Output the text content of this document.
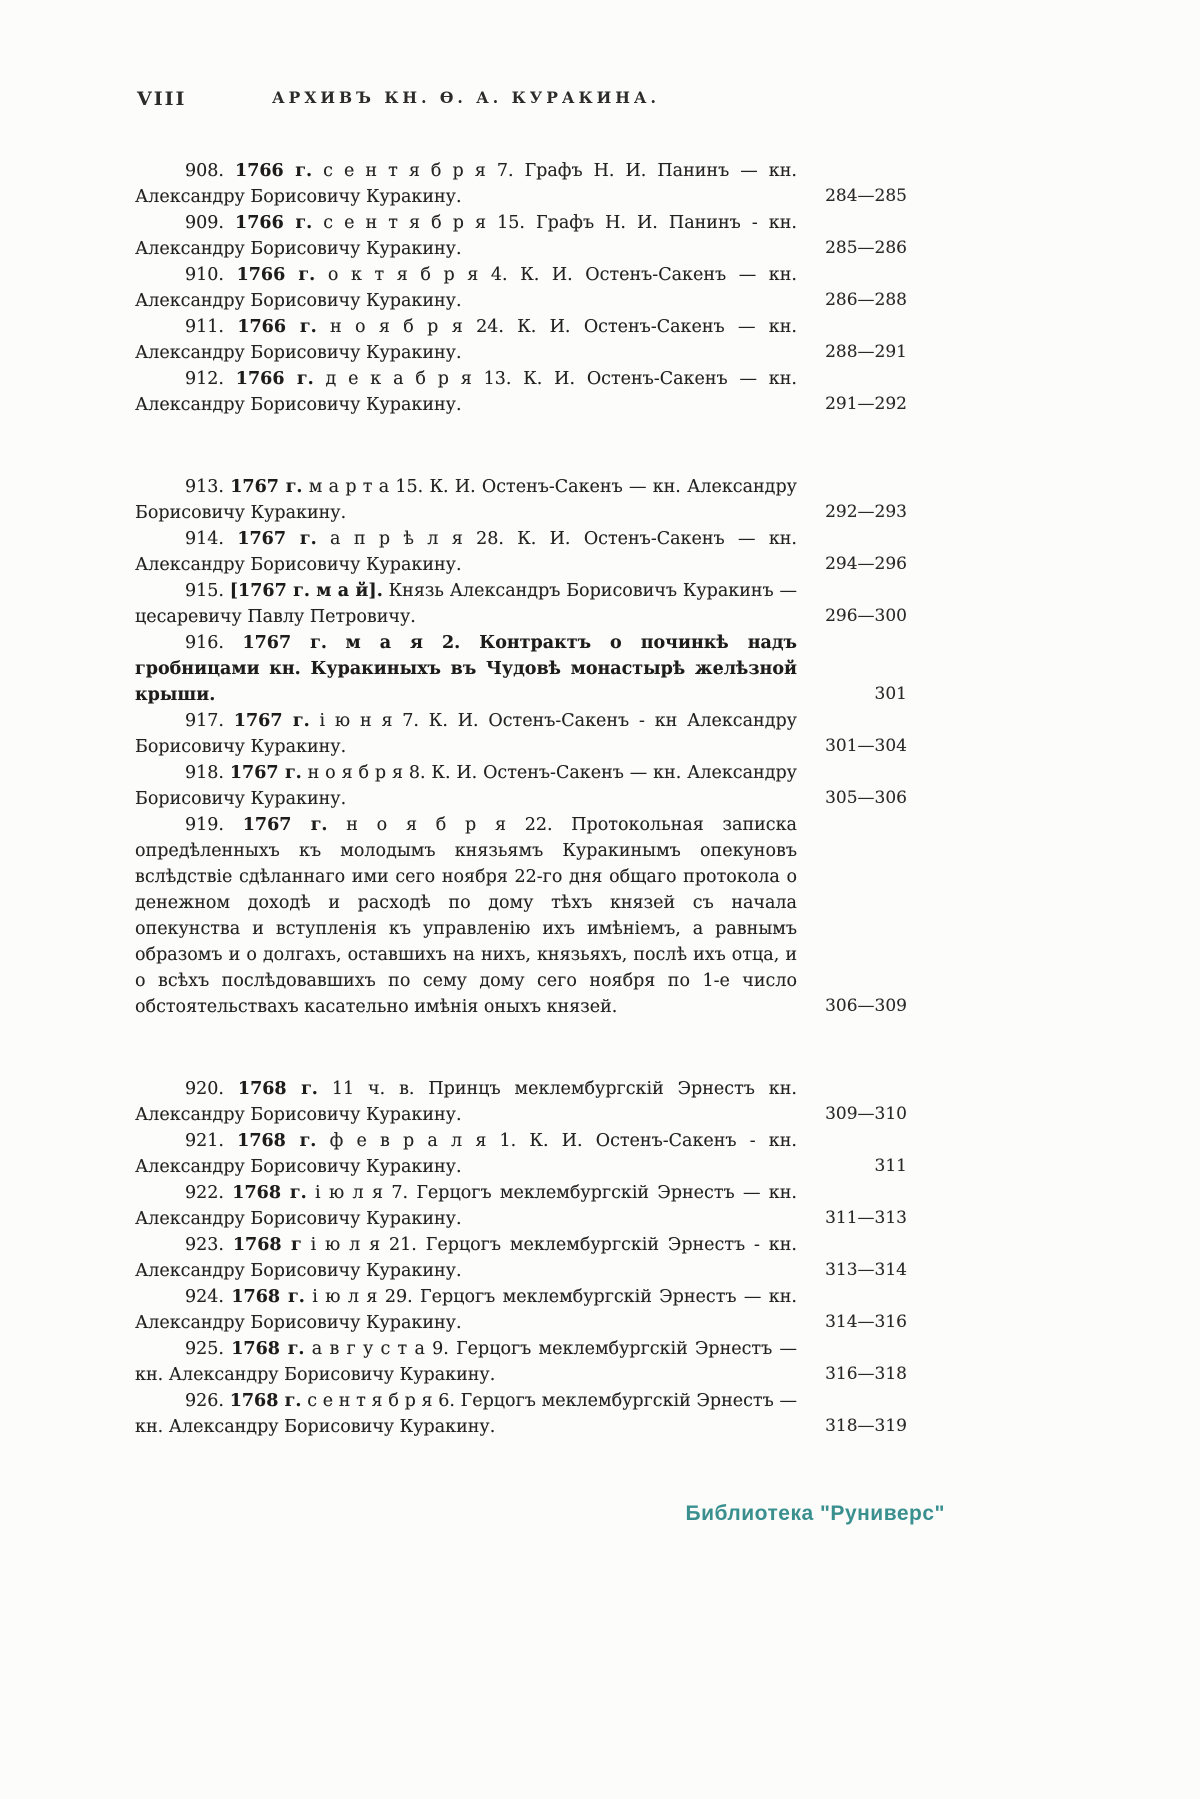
VIII	АРХИВЪ КН. Ѳ. А. КУРАКИНА.

908. 1766 г. с е н т я б р я 7. Графъ Н. И. Панинъ — кн. Александру Борисовичу Куракину.	284—285

909. 1766 г. с е н т я б р я 15. Графъ Н. И. Панинъ - кн. Александру Борисовичу Куракину.	285—286

910. 1766 г. о к т я б р я 4. К. И. Остенъ-Сакенъ — кн. Александру Борисовичу Куракину.	286—288

911. 1766 г. н о я б р я 24. К. И. Остенъ-Сакенъ — кн. Александру Борисовичу Куракину.	288—291

912. 1766 г. д е к а б р я 13. К. И. Остенъ-Сакенъ — кн. Александру Борисовичу Куракину.	291—292

913. 1767 г. м а р т а 15. К. И. Остенъ-Сакенъ — кн. Александру Борисовичу Куракину.	292—293

914. 1767 г. а п р ѣ л я 28. К. И. Остенъ-Сакенъ — кн. Александру Борисовичу Куракину.	294—296

915. [1767 г. м а й]. Князь Александръ Борисовичъ Куракинъ — цесаревичу Павлу Петровичу.	296—300

916. 1767 г. м а я 2. Контрактъ о починкѣ надъ гробницами кн. Куракиныхъ въ Чудовѣ монастырѣ желѣзной крыши.	301

917. 1767 г. і ю н я 7. К. И. Остенъ-Сакенъ - кн Александру Борисовичу Куракину.	301—304

918. 1767 г. н о я б р я 8. К. И. Остенъ-Сакенъ — кн. Александру Борисовичу Куракину.	305—306

919. 1767 г. н о я б р я 22. Протокольная записка опредѣленныхъ къ молодымъ князьямъ Куракинымъ опекуновъ вслѣдствіе сдѣланнаго ими сего ноября 22-го дня общаго протокола о денежном доходѣ и расходѣ по дому тѣхъ князей съ начала опекунства и вступленія къ управленію ихъ имѣніемъ, а равнымъ образомъ и о долгахъ, оставшихъ на нихъ, князьяхъ, послѣ ихъ отца, и о всѣхъ послѣдовавшихъ по сему дому сего ноября по 1-е число обстоятельствахъ касательно имѣнія оныхъ князей.	306—309

920. 1768 г. 11 ч. в. Принцъ меклембургскій Эрнестъ кн. Александру Борисовичу Куракину.	309—310

921. 1768 г. ф е в р а л я 1. К. И. Остенъ-Сакенъ - кн. Александру Борисовичу Куракину.	311

922. 1768 г. і ю л я 7. Герцогъ меклембургскій Эрнестъ — кн. Александру Борисовичу Куракину.	311—313

923. 1768 г і ю л я 21. Герцогъ меклембургскій Эрнестъ - кн. Александру Борисовичу Куракину.	313—314

924. 1768 г. і ю л я 29. Герцогъ меклембургскій Эрнестъ — кн. Александру Борисовичу Куракину.	314—316

925. 1768 г. а в г у с т а 9. Герцогъ меклембургскій Эрнестъ — кн. Александру Борисовичу Куракину.	316—318

926. 1768 г. с е н т я б р я 6. Герцогъ меклембургскій Эрнестъ — кн. Александру Борисовичу Куракину.	318—319
Библиотека "Руниверс"
